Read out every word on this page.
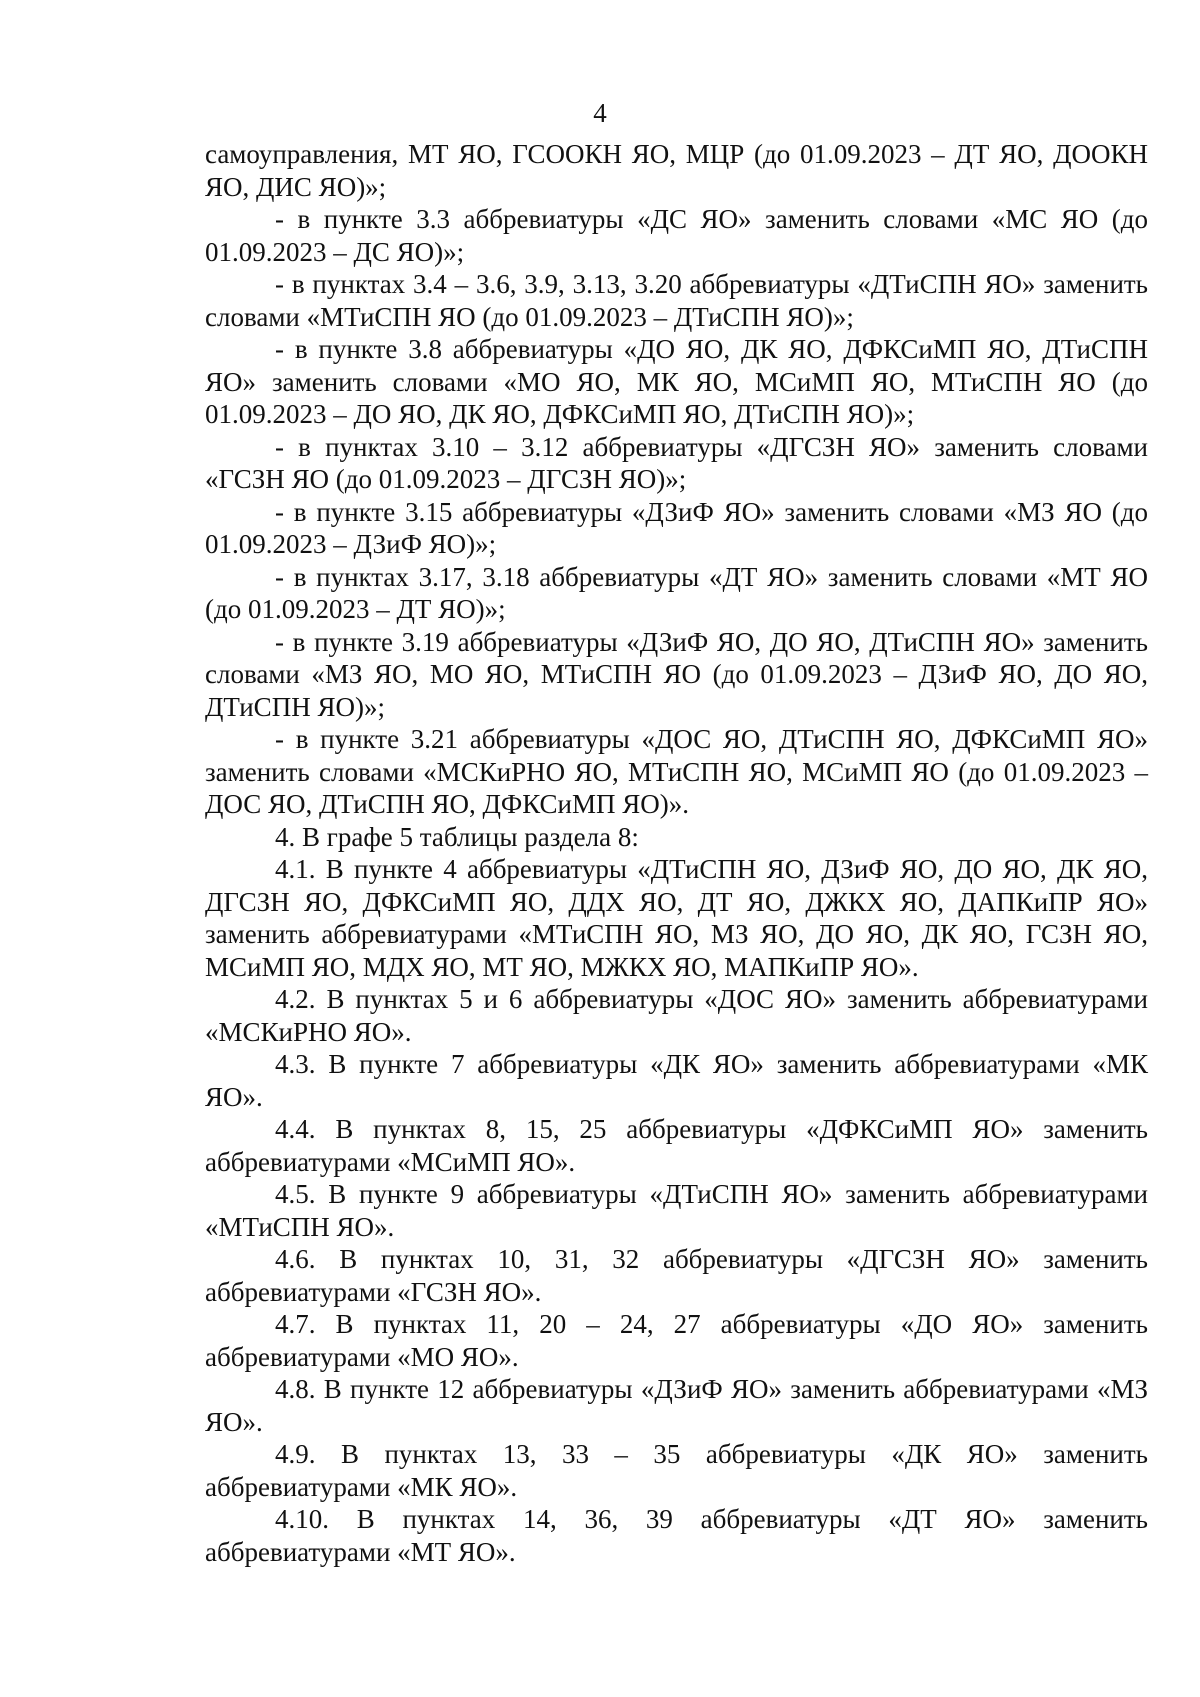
4

самоуправления, МТ ЯО, ГСООКН ЯО, МЦР (до 01.09.2023 – ДТ ЯО, ДООКН ЯО, ДИС ЯО)»;

- в пункте 3.3 аббревиатуры «ДС ЯО» заменить словами «МС ЯО (до 01.09.2023 – ДС ЯО)»;

- в пунктах 3.4 – 3.6, 3.9, 3.13, 3.20 аббревиатуры «ДТиСПН ЯО» заменить словами «МТиСПН ЯО (до 01.09.2023 – ДТиСПН ЯО)»;

- в пункте 3.8 аббревиатуры «ДО ЯО, ДК ЯО, ДФКСиМП ЯО, ДТиСПН ЯО» заменить словами «МО ЯО, МК ЯО, МСиМП ЯО, МТиСПН ЯО (до 01.09.2023 – ДО ЯО, ДК ЯО, ДФКСиМП ЯО, ДТиСПН ЯО)»;

- в пунктах 3.10 – 3.12 аббревиатуры «ДГСЗН ЯО» заменить словами «ГСЗН ЯО (до 01.09.2023 – ДГСЗН ЯО)»;

- в пункте 3.15 аббревиатуры «ДЗиФ ЯО» заменить словами «МЗ ЯО (до 01.09.2023 – ДЗиФ ЯО)»;

- в пунктах 3.17, 3.18 аббревиатуры «ДТ ЯО» заменить словами «МТ ЯО (до 01.09.2023 – ДТ ЯО)»;

- в пункте 3.19 аббревиатуры «ДЗиФ ЯО, ДО ЯО, ДТиСПН ЯО» заменить словами «МЗ ЯО, МО ЯО, МТиСПН ЯО (до 01.09.2023 – ДЗиФ ЯО, ДО ЯО, ДТиСПН ЯО)»;

- в пункте 3.21 аббревиатуры «ДОС ЯО, ДТиСПН ЯО, ДФКСиМП ЯО» заменить словами «МСКиРНО ЯО, МТиСПН ЯО, МСиМП ЯО (до 01.09.2023 – ДОС ЯО, ДТиСПН ЯО, ДФКСиМП ЯО)».

4. В графе 5 таблицы раздела 8:

4.1. В пункте 4 аббревиатуры «ДТиСПН ЯО, ДЗиФ ЯО, ДО ЯО, ДК ЯО, ДГСЗН ЯО, ДФКСиМП ЯО, ДДХ ЯО, ДТ ЯО, ДЖКХ ЯО, ДАПКиПР ЯО» заменить аббревиатурами «МТиСПН ЯО, МЗ ЯО, ДО ЯО, ДК ЯО, ГСЗН ЯО, МСиМП ЯО, МДХ ЯО, МТ ЯО, МЖКХ ЯО, МАПКиПР ЯО».

4.2. В пунктах 5 и 6 аббревиатуры «ДОС ЯО» заменить аббревиатурами «МСКиРНО ЯО».

4.3. В пункте 7 аббревиатуры «ДК ЯО» заменить аббревиатурами «МК ЯО».

4.4. В пунктах 8, 15, 25 аббревиатуры «ДФКСиМП ЯО» заменить аббревиатурами «МСиМП ЯО».

4.5. В пункте 9 аббревиатуры «ДТиСПН ЯО» заменить аббревиатурами «МТиСПН ЯО».

4.6. В пунктах 10, 31, 32 аббревиатуры «ДГСЗН ЯО» заменить аббревиатурами «ГСЗН ЯО».

4.7. В пунктах 11, 20 – 24, 27 аббревиатуры «ДО ЯО» заменить аббревиатурами «МО ЯО».

4.8. В пункте 12 аббревиатуры «ДЗиФ ЯО» заменить аббревиатурами «МЗ ЯО».

4.9. В пунктах 13, 33 – 35 аббревиатуры «ДК ЯО» заменить аббревиатурами «МК ЯО».

4.10. В пунктах 14, 36, 39 аббревиатуры «ДТ ЯО» заменить аббревиатурами «МТ ЯО».
